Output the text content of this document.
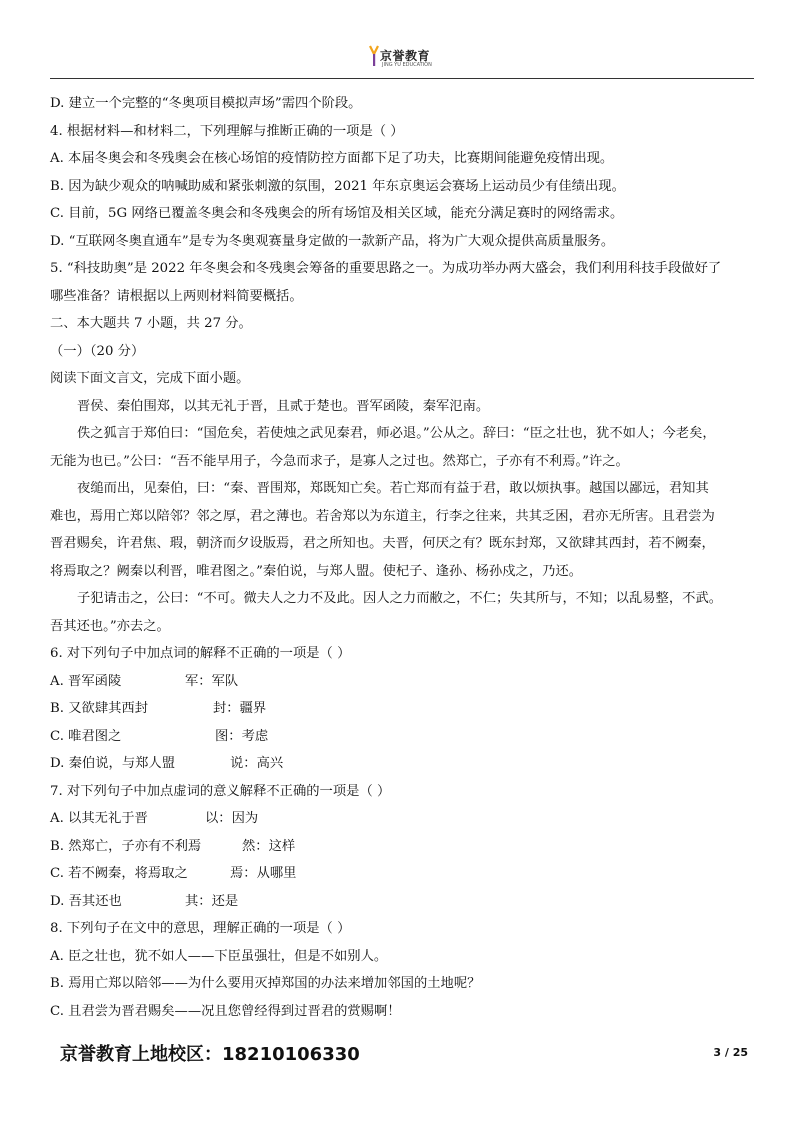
京誉教育
JING YU EDUCATION
D. 建立一个完整的“冬奥项目模拟声场”需四个阶段。
4. 根据材料—和材料二，下列理解与推断正确的一项是（ ）
A. 本届冬奥会和冬残奥会在核心场馆的疫情防控方面都下足了功夫，比赛期间能避免疫情出现。
B. 因为缺少观众的呐喊助威和紧张刺激的氛围，2021 年东京奥运会赛场上运动员少有佳绩出现。
C. 目前，5G 网络已覆盖冬奥会和冬残奥会的所有场馆及相关区域，能充分满足赛时的网络需求。
D. “互联网冬奥直通车”是专为冬奥观赛量身定做的一款新产品，将为广大观众提供高质量服务。
5. “科技助奥”是 2022 年冬奥会和冬残奥会筹备的重要思路之一。为成功举办两大盛会，我们利用科技手段做好了
哪些准备？请根据以上两则材料简要概括。
二、本大题共 7 小题，共 27 分。
（一）（20 分）
阅读下面文言文，完成下面小题。
晋侯、秦伯围郑，以其无礼于晋，且贰于楚也。晋军函陵，秦军氾南。
佚之狐言于郑伯曰：“国危矣，若使烛之武见秦君，师必退。”公从之。辞曰：“臣之壮也，犹不如人；今老矣，
无能为也已。”公曰：“吾不能早用子，今急而求子，是寡人之过也。然郑亡，子亦有不利焉。”许之。
夜缒而出，见秦伯，曰：“秦、晋围郑，郑既知亡矣。若亡郑而有益于君，敢以烦执事。越国以鄙远，君知其
难也，焉用亡郑以陪邻？邻之厚，君之薄也。若舍郑以为东道主，行李之往来，共其乏困，君亦无所害。且君尝为
晋君赐矣，许君焦、瑕，朝济而夕设版焉，君之所知也。夫晋，何厌之有？既东封郑，又欲肆其西封，若不阙秦，
将焉取之？阙秦以利晋，唯君图之。”秦伯说，与郑人盟。使杞子、逢孙、杨孙戍之，乃还。
子犯请击之，公曰：“不可。微夫人之力不及此。因人之力而敝之，不仁；失其所与，不知；以乱易整，不武。
吾其还也。”亦去之。
6. 对下列句子中加点词的解释不正确的一项是（ ）
A. 晋军函陵	军：军队
B. 又欲肆其西封	封：疆界
C. 唯君图之	图：考虑
D. 秦伯说，与郑人盟	说：高兴
7. 对下列句子中加点虚词的意义解释不正确的一项是（ ）
A. 以其无礼于晋	以：因为
B. 然郑亡，子亦有不利焉	然：这样
C. 若不阙秦，将焉取之	焉：从哪里
D. 吾其还也	其：还是
8. 下列句子在文中的意思，理解正确的一项是（ ）
A. 臣之壮也，犹不如人——下臣虽强壮，但是不如别人。
B. 焉用亡郑以陪邻——为什么要用灭掉郑国的办法来增加邻国的土地呢？
C. 且君尝为晋君赐矣——况且您曾经得到过晋君的赏赐啊！
京誉教育上地校区：18210106330	3 / 25
